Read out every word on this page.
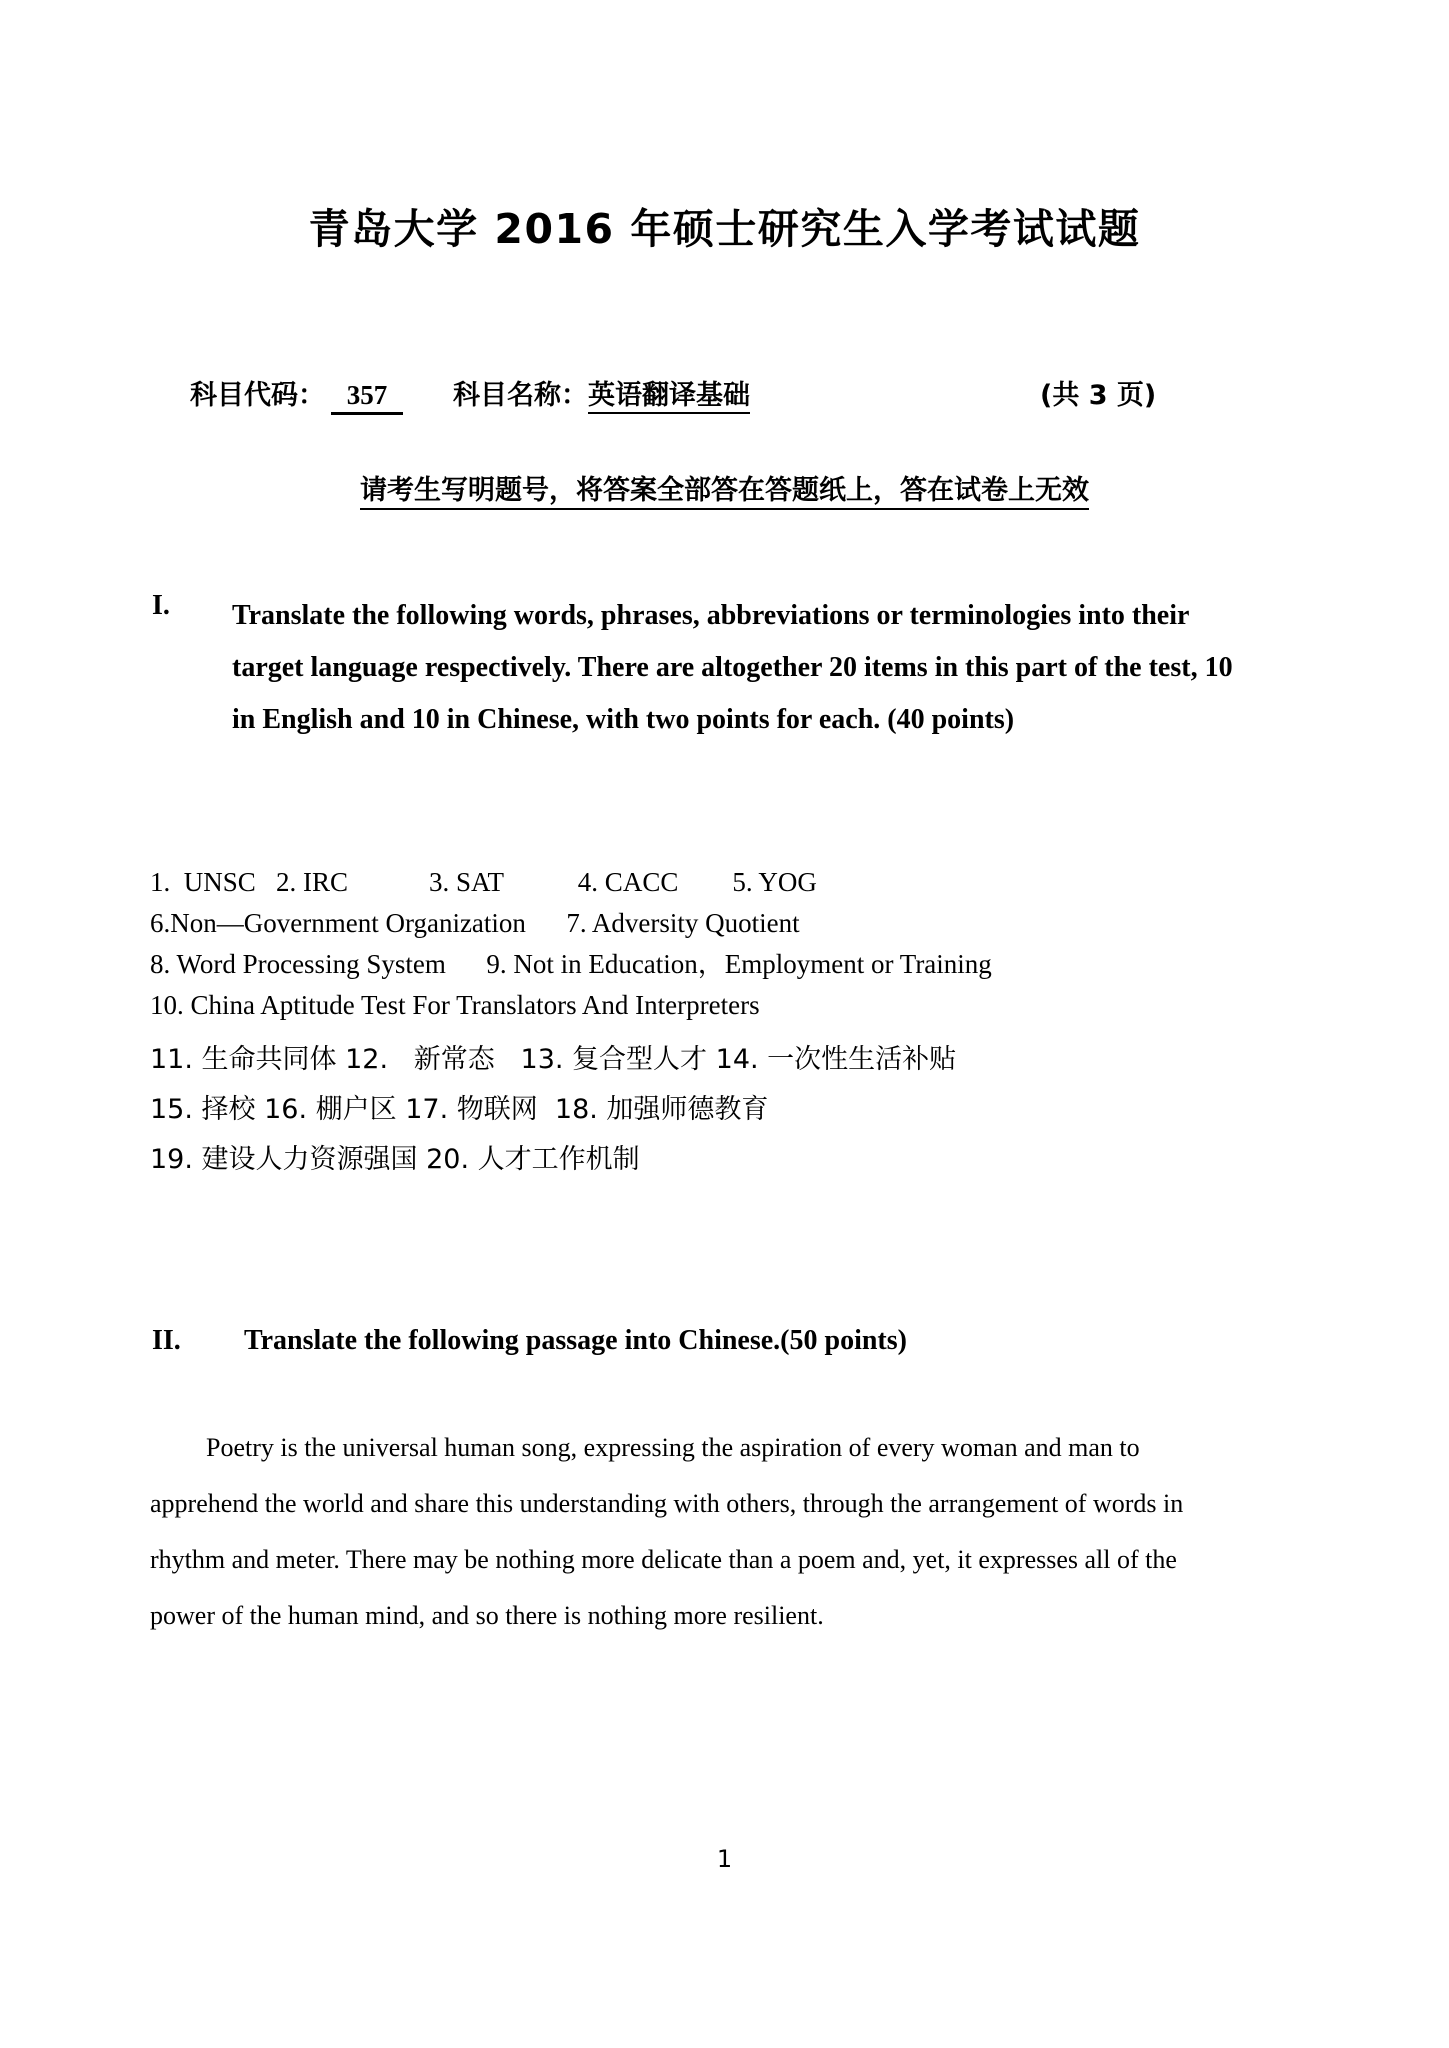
青岛大学 2016 年硕士研究生入学考试试题
科目代码： 357 科目名称：英语翻译基础	(共 3 页)
请考生写明题号，将答案全部答在答题纸上，答在试卷上无效
I. Translate the following words, phrases, abbreviations or terminologies into their target language respectively. There are altogether 20 items in this part of the test, 10 in English and 10 in Chinese, with two points for each. (40 points)
1.  UNSC   2. IRC            3. SAT           4. CACC        5. YOG
6.Non—Government Organization      7. Adversity Quotient
8. Word Processing System      9. Not in Education，Employment or Training
10. China Aptitude Test For Translators And Interpreters
11. 生命共同体 12.   新常态   13. 复合型人才 14. 一次性生活补贴
15. 择校 16. 棚户区 17. 物联网  18. 加强师德教育
19. 建设人力资源强国 20. 人才工作机制
II. Translate the following passage into Chinese.(50 points)
Poetry is the universal human song, expressing the aspiration of every woman and man to apprehend the world and share this understanding with others, through the arrangement of words in rhythm and meter. There may be nothing more delicate than a poem and, yet, it expresses all of the power of the human mind, and so there is nothing more resilient.
1
